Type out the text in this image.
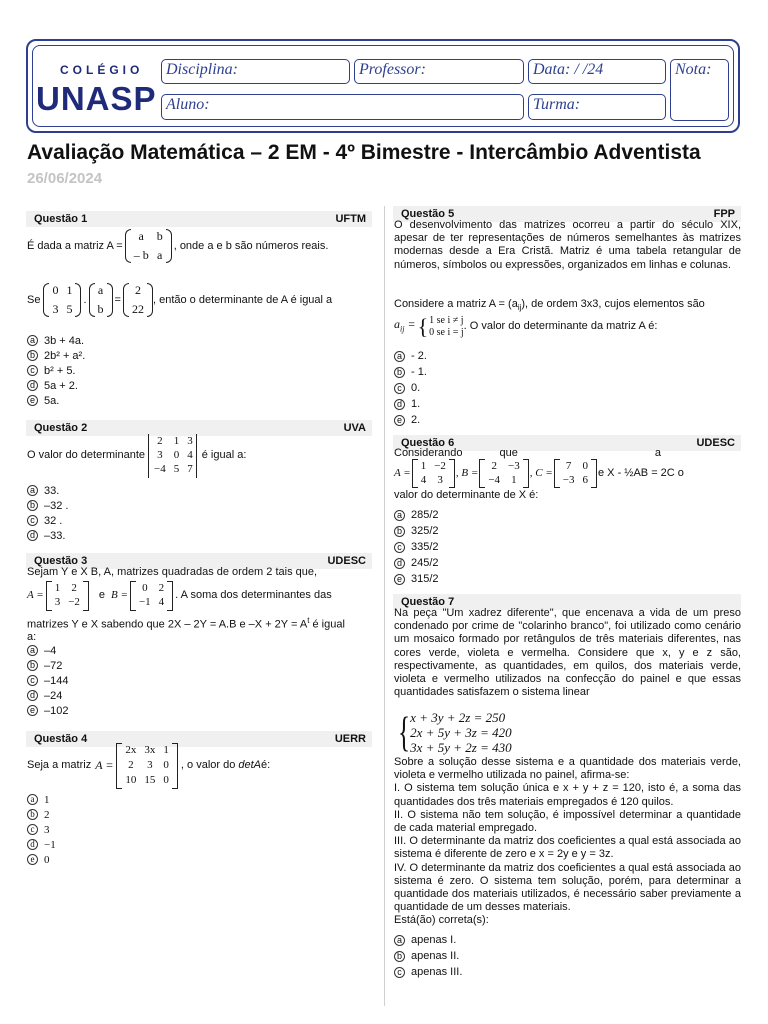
COLÉGIO
UNASP
Disciplina:	Professor:	Data: / /24	Nota:
Aluno:	Turma:
Avaliação Matemática – 2 EM - 4º Bimestre - Intercâmbio Adventista
26/06/2024
Questão 1	UFTM
É dada a matriz A =
a	b
– b a
, onde a e b são números reais.
Se
0 1
3 5
.
a
b
=
2
22
, então o determinante de A é igual a
a 3b + 4a.
b 2b² + a².
c b² + 5.
d 5a + 2.
e 5a.
Questão 2	UVA
O valor do determinante
2 1 3
3 0 4
−4 5 7
é igual a:
a 33.
b –32 .
c 32 .
d –33.
Questão 3	UDESC
Sejam Y e X B, A, matrizes quadradas de ordem 2 tais que,
A =
1 2
3 −2
e B =
0 2
−1 4
. A soma dos determinantes das
matrizes Y e X sabendo que 2X – 2Y = A.B e $-X + 2Y = A^t$ é igual
a:
a –4
b –72
c –144
d –24
e –102
Questão 4	UERR
Seja a matriz A =
2x 3x 1
2 3 0
10 15 0
, o valor do detA é:
a 1
b 2
c 3
d −1
e 0
Questão 5	FPP
O desenvolvimento das matrizes ocorreu a partir do século XIX, apesar de ter representações de números semelhantes às matrizes modernas desde a Era Cristã. Matriz é uma tabela retangular de números, símbolos ou expressões, organizados em linhas e colunas.
Considere a matriz $A = (a_{ij})$, de ordem 3x3, cujos elementos são
$a_{ij}$ = { 1 se i ≠ j
0 se i = j
. O valor do determinante da matriz A é:
a - 2.
b - 1.
c 0.
d 1.
e 2.
Questão 6	UDESC
Considerando	que	a
A =
1 −2
4 3
, B =
2 −3
−4 1
, C =
7 0
−3 6
e X - ½AB = 2C o
valor do determinante de X é:
a 285/2
b 325/2
c 335/2
d 245/2
e 315/2
Questão 7
Na peça "Um xadrez diferente", que encenava a vida de um preso condenado por crime de "colarinho branco", foi utilizado como cenário um mosaico formado por retângulos de três materiais diferentes, nas cores verde, violeta e vermelha. Considere que x, y e z são, respectivamente, as quantidades, em quilos, dos materiais verde, violeta e vermelho utilizados na confecção do painel e que essas quantidades satisfazem o sistema linear
{ x + 3y + 2z = 250
2x + 5y + 3z = 420
3x + 5y + 2z = 430
Sobre a solução desse sistema e a quantidade dos materiais verde, violeta e vermelho utilizada no painel, afirma-se:
I. O sistema tem solução única e x + y + z = 120, isto é, a soma das quantidades dos três materiais empregados é 120 quilos.
II. O sistema não tem solução, é impossível determinar a quantidade de cada material empregado.
III. O determinante da matriz dos coeficientes a qual está associada ao sistema é diferente de zero e x = 2y e y = 3z.
IV. O determinante da matriz dos coeficientes a qual está associada ao sistema é zero. O sistema tem solução, porém, para determinar a quantidade dos materiais utilizados, é necessário saber previamente a quantidade de um desses materiais.
Está(ão) correta(s):
a apenas I.
b apenas II.
c apenas III.
